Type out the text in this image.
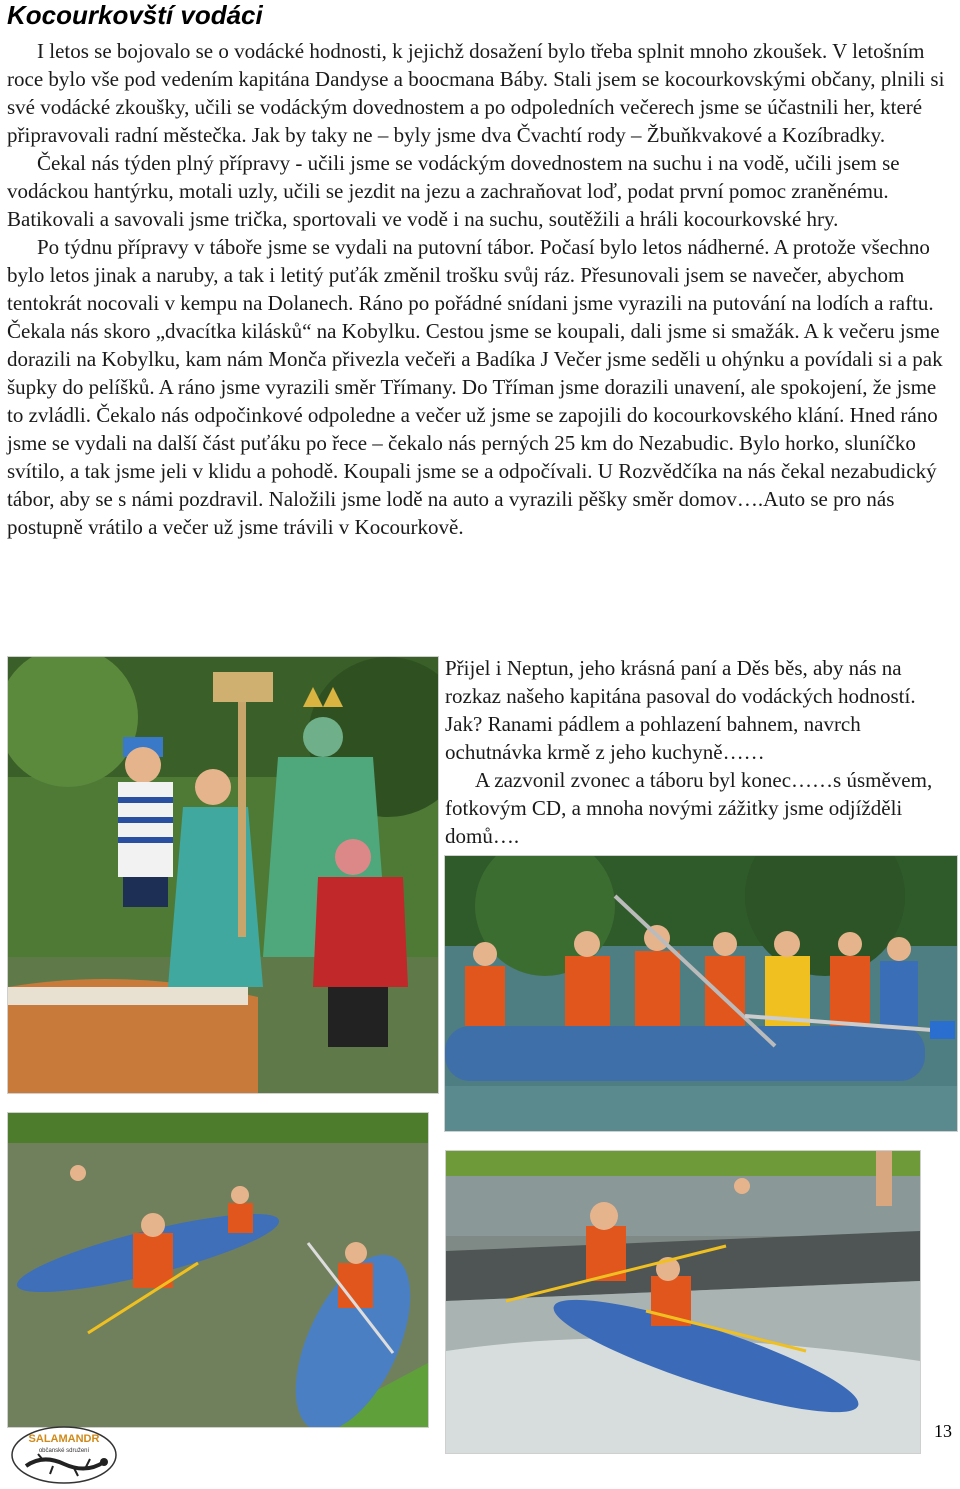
Kocourkovští vodáci

I letos se bojovalo se o vodácké hodnosti, k jejichž dosažení bylo třeba splnit mnoho zkoušek. V letošním roce bylo vše pod vedením kapitána Dandyse a boocmana Báby. Stali jsem se kocourkovskými občany, plnili si své vodácké zkoušky, učili se vodáckým dovednostem a po odpoledních večerech jsme se účastnili her, které připravovali radní městečka. Jak by taky ne – byly jsme dva Čvachtí rody – Žbuňkvakové a Kozíbradky.

Čekal nás týden plný přípravy - učili jsme se vodáckým dovednostem na suchu i na vodě, učili jsem se vodáckou hantýrku, motali uzly, učili se jezdit na jezu a zachraňovat loď, podat první pomoc zraněnému. Batikovali a savovali jsme trička, sportovali ve vodě i na suchu, soutěžili a hráli kocourkovské hry.

Po týdnu přípravy v táboře jsme se vydali na putovní tábor. Počasí bylo letos nádherné. A protože všechno bylo letos jinak a naruby, a tak i letitý puťák změnil trošku svůj ráz. Přesunovali jsem se navečer, abychom tentokrát nocovali v kempu na Dolanech. Ráno po pořádné snídani jsme vyrazili na putování na lodích a raftu. Čekala nás skoro „dvacítka kilásků“ na Kobylku. Cestou jsme se koupali, dali jsme si smažák. A k večeru jsme dorazili na Kobylku, kam nám Monča přivezla večeři a Badíka J Večer jsme seděli u ohýnku a povídali si a pak šupky do pelíšků. A ráno jsme vyrazili směr Třímany. Do Tříman jsme dorazili unavení, ale spokojení, že jsme to zvládli. Čekalo nás odpočinkové odpoledne a večer už jsme se zapojili do kocourkovského klání. Hned ráno jsme se vydali na další část puťáku po řece – čekalo nás perných 25 km do Nezabudic. Bylo horko, sluníčko svítilo, a tak jsme jeli v klidu a pohodě. Koupali jsme se a odpočívali. U Rozvědčíka na nás čekal nezabudický tábor, aby se s námi pozdravil. Naložili jsme lodě na auto a vyrazili pěšky směr domov….Auto se pro nás postupně vrátilo a večer už jsme trávili v Kocourkově.

Přijel i Neptun, jeho krásná paní a Děs běs, aby nás na rozkaz našeho kapitána pasoval do vodáckých hodností. Jak? Ranami pádlem a pohlazení bahnem, navrch ochutnávka krmě z jeho kuchyně……

A zazvonil zvonec a táboru byl konec……s úsměvem, fotkovým CD, a mnoha novými zážitky jsme odjížděli domů….

SALAMANDR
občanské sdružení
13
